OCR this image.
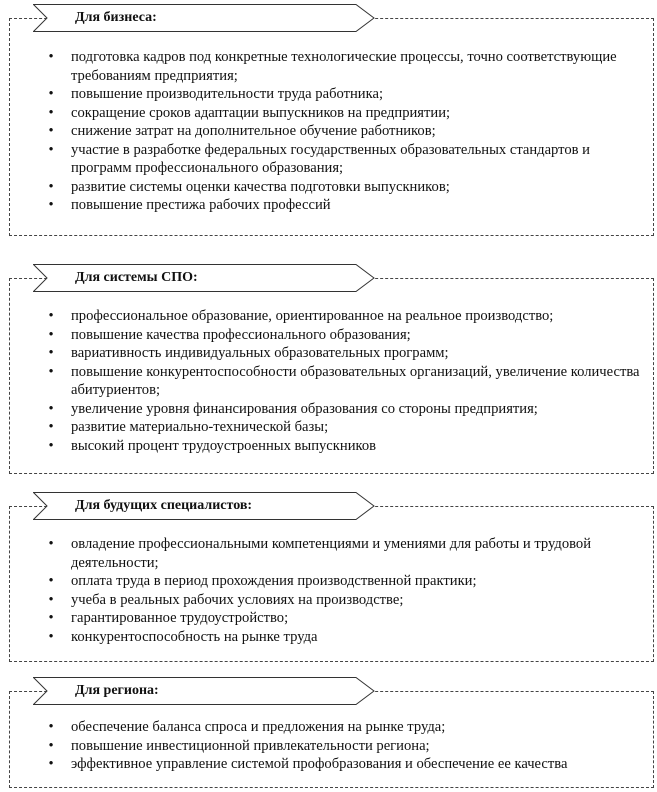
Для бизнеса:
• подготовка кадров под конкретные технологические процессы, точно соответствующие требованиям предприятия;
• повышение производительности труда работника;
• сокращение сроков адаптации выпускников на предприятии;
• снижение затрат на дополнительное обучение работников;
• участие в разработке федеральных государственных образовательных стандартов и программ профессионального образования;
• развитие системы оценки качества подготовки выпускников;
• повышение престижа рабочих профессий
Для системы СПО:
• профессиональное образование, ориентированное на реальное производство;
• повышение качества профессионального образования;
• вариативность индивидуальных образовательных программ;
• повышение конкурентоспособности образовательных организаций, увеличение количества абитуриентов;
• увеличение уровня финансирования образования со стороны предприятия;
• развитие материально-технической базы;
• высокий процент трудоустроенных выпускников
Для будущих специалистов:
• овладение профессиональными компетенциями и умениями для работы и трудовой деятельности;
• оплата труда в период прохождения производственной практики;
• учеба в реальных рабочих условиях на производстве;
• гарантированное трудоустройство;
• конкурентоспособность на рынке труда
Для региона:
• обеспечение баланса спроса и предложения на рынке труда;
• повышение инвестиционной привлекательности региона;
• эффективное управление системой профобразования и обеспечение ее качества
